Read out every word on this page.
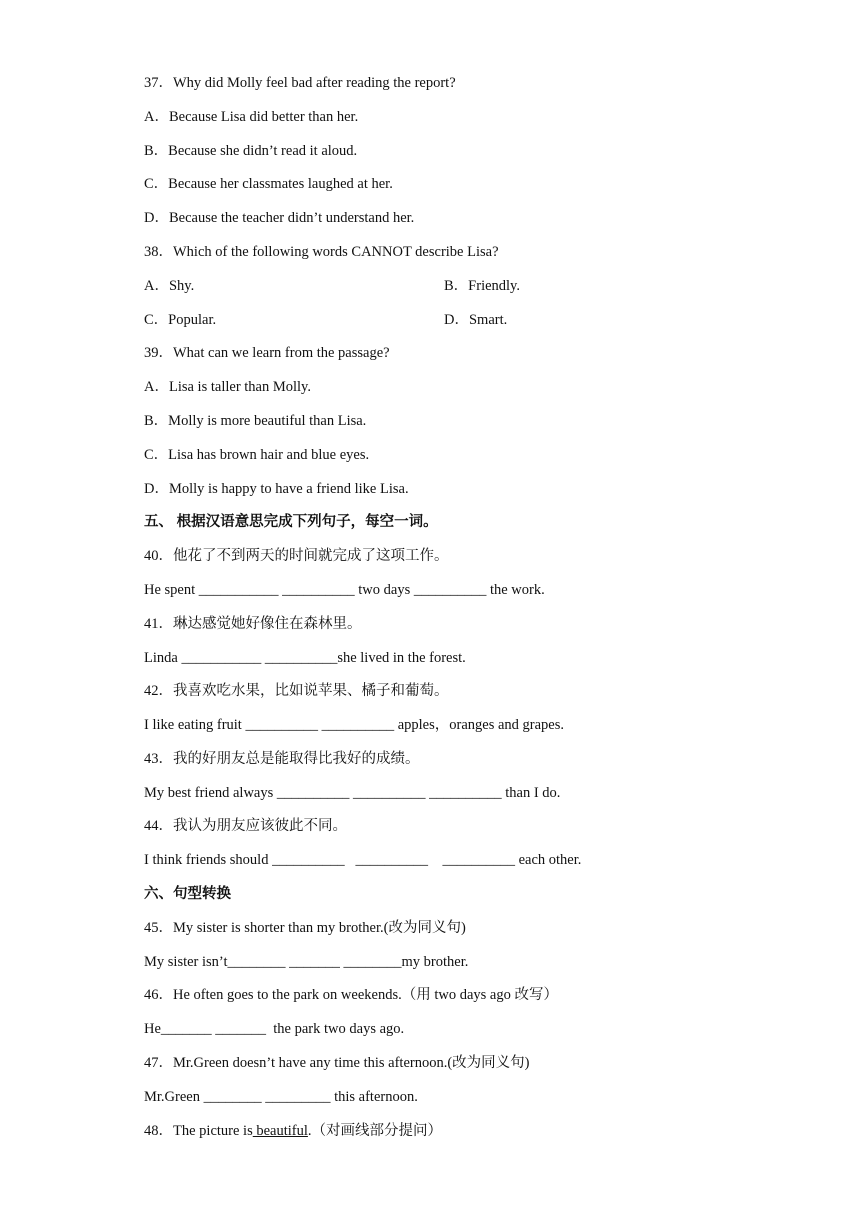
37．Why did Molly feel bad after reading the report?
A．Because Lisa did better than her.
B．Because she didn’t read it aloud.
C．Because her classmates laughed at her.
D．Because the teacher didn’t understand her.
38．Which of the following words CANNOT describe Lisa?
A．Shy.	B．Friendly.
C．Popular.	D．Smart.
39．What can we learn from the passage?
A．Lisa is taller than Molly.
B．Molly is more beautiful than Lisa.
C．Lisa has brown hair and blue eyes.
D．Molly is happy to have a friend like Lisa.
五、 根据汉语意思完成下列句子，每空一词。
40．他花了不到两天的时间就完成了这项工作。
He spent ___________ __________ two days __________ the work.
41．琳达感觉她好像住在森林里。
Linda ___________ __________she lived in the forest.
42．我喜欢吃水果，比如说苹果、橘子和葡萄。
I like eating fruit __________ __________ apples，oranges and grapes.
43．我的好朋友总是能取得比我好的成绩。
My best friend always __________ __________ __________ than I do.
44．我认为朋友应该彼此不同。
I think friends should __________   __________    __________ each other.
六、句型转换
45．My sister is shorter than my brother.(改为同义句)
My sister isn’t________ _______ ________my brother.
46．He often goes to the park on weekends.（用 two days ago 改写）
He_______ _______  the park two days ago.
47．Mr.Green doesn’t have any time this afternoon.(改为同义句)
Mr.Green ________ _________ this afternoon.
48．The picture is beautiful.（对画线部分提问）
